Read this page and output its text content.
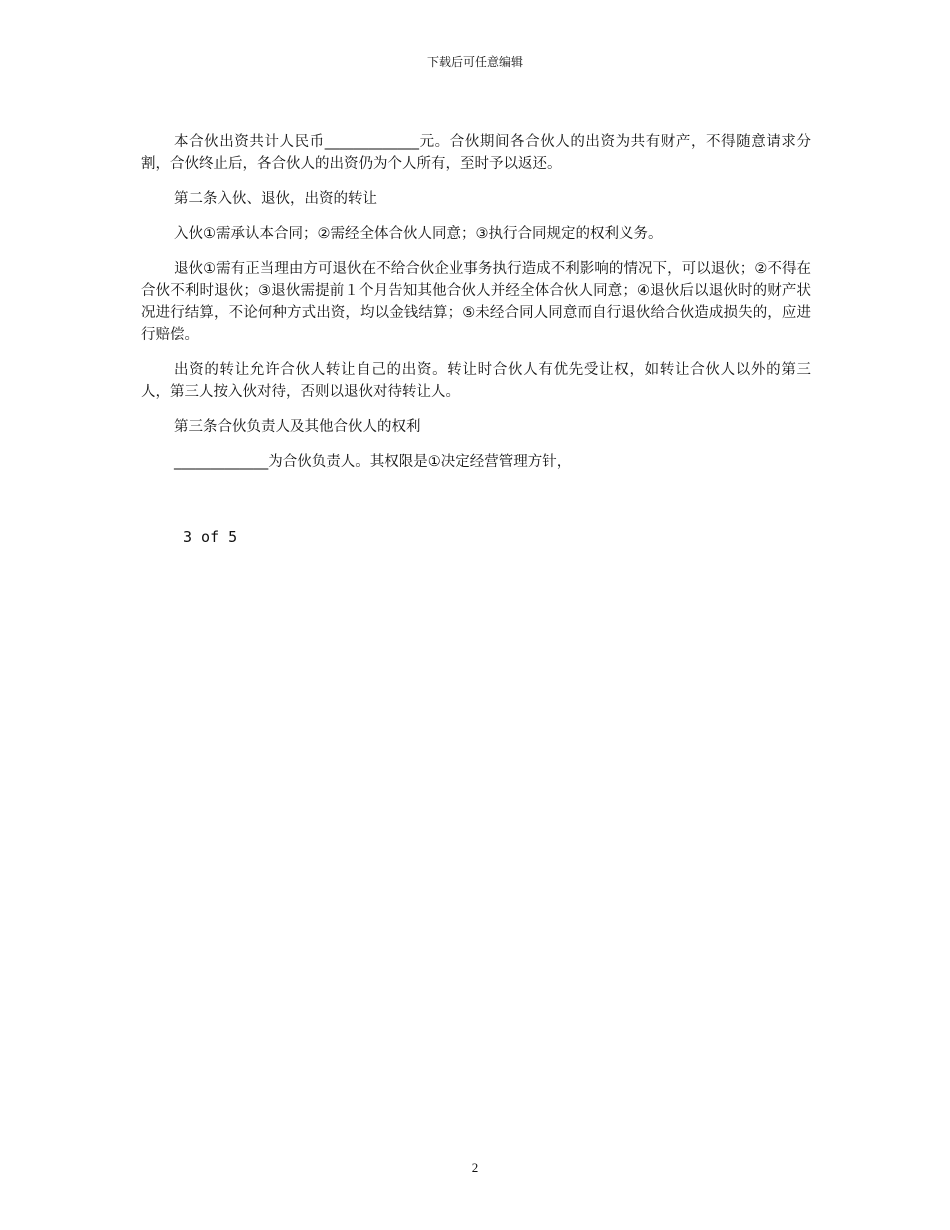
下载后可任意编辑

本合伙出资共计人民币_____________元。合伙期间各合伙人的出资为共有财产，不得随意请求分割，合伙终止后，各合伙人的出资仍为个人所有，至时予以返还。

第二条入伙、退伙，出资的转让

入伙①需承认本合同；②需经全体合伙人同意；③执行合同规定的权利义务。

退伙①需有正当理由方可退伙在不给合伙企业事务执行造成不利影响的情况下，可以退伙；②不得在合伙不利时退伙；③退伙需提前１个月告知其他合伙人并经全体合伙人同意；④退伙后以退伙时的财产状况进行结算，不论何种方式出资，均以金钱结算；⑤未经合同人同意而自行退伙给合伙造成损失的，应进行赔偿。

出资的转让允许合伙人转让自己的出资。转让时合伙人有优先受让权，如转让合伙人以外的第三人，第三人按入伙对待，否则以退伙对待转让人。

第三条合伙负责人及其他合伙人的权利

_____________为合伙负责人。其权限是①决定经营管理方针，

3 of 5
2
